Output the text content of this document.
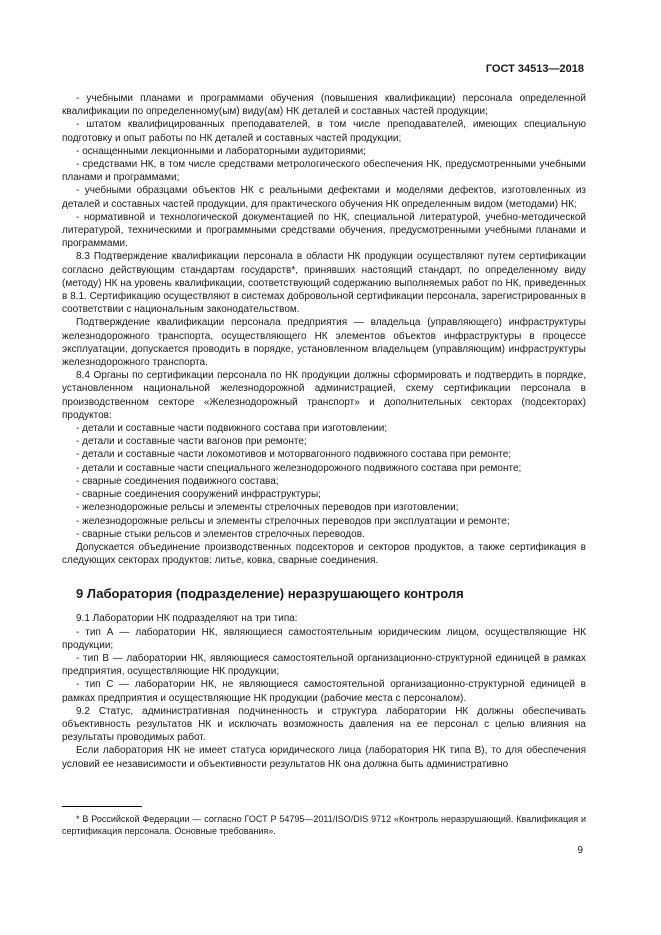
ГОСТ 34513—2018
- учебными планами и программами обучения (повышения квалификации) персонала определенной квалификации по определенному(ым) виду(ам) НК деталей и составных частей продукции;
- штатом квалифицированных преподавателей, в том числе преподавателей, имеющих специальную подготовку и опыт работы по НК деталей и составных частей продукции;
- оснащенными лекционными и лабораторными аудиториями;
- средствами НК, в том числе средствами метрологического обеспечения НК, предусмотренными учебными планами и программами;
- учебными образцами объектов НК с реальными дефектами и моделями дефектов, изготовленных из деталей и составных частей продукции, для практического обучения НК определенным видом (методами) НК;
- нормативной и технологической документацией по НК, специальной литературой, учебно-методической литературой, техническими и программными средствами обучения, предусмотренными учебными планами и программами.

8.3 Подтверждение квалификации персонала в области НК продукции осуществляют путем сертификации согласно действующим стандартам государств*, принявших настоящий стандарт, по определенному виду (методу) НК на уровень квалификации, соответствующий содержанию выполняемых работ по НК, приведенных в 8.1. Сертификацию осуществляют в системах добровольной сертификации персонала, зарегистрированных в соответствии с национальным законодательством.

Подтверждение квалификации персонала предприятия — владельца (управляющего) инфраструктуры железнодорожного транспорта, осуществляющего НК элементов объектов инфраструктуры в процессе эксплуатации, допускается проводить в порядке, установленном владельцем (управляющим) инфраструктуры железнодорожного транспорта.

8.4 Органы по сертификации персонала по НК продукции должны сформировать и подтвердить в порядке, установленном национальной железнодорожной администрацией, схему сертификации персонала в производственном секторе «Железнодорожный транспорт» и дополнительных секторах (подсекторах) продуктов:

- детали и составные части подвижного состава при изготовлении;
- детали и составные части вагонов при ремонте;
- детали и составные части локомотивов и моторвагонного подвижного состава при ремонте;
- детали и составные части специального железнодорожного подвижного состава при ремонте;
- сварные соединения подвижного состава;
- сварные соединения сооружений инфраструктуры;
- железнодорожные рельсы и элементы стрелочных переводов при изготовлении;
- железнодорожные рельсы и элементы стрелочных переводов при эксплуатации и ремонте;
- сварные стыки рельсов и элементов стрелочных переводов.

Допускается объединение производственных подсекторов и секторов продуктов, а также сертификация в следующих секторах продуктов: литье, ковка, сварные соединения.

9 Лаборатория (подразделение) неразрушающего контроля

9.1 Лаборатории НК подразделяют на три типа:

- тип А — лаборатории НК, являющиеся самостоятельным юридическим лицом, осуществляющие НК продукции;
- тип В — лаборатории НК, являющиеся самостоятельной организационно-структурной единицей в рамках предприятия, осуществляющие НК продукции;
- тип С — лаборатории НК, не являющиеся самостоятельной организационно-структурной единицей в рамках предприятия и осуществляющие НК продукции (рабочие места с персоналом).

9.2 Статус, административная подчиненность и структура лаборатории НК должны обеспечивать объективность результатов НК и исключать возможность давления на ее персонал с целью влияния на результаты проводимых работ.

Если лаборатория НК не имеет статуса юридического лица (лаборатория НК типа В), то для обеспечения условий ее независимости и объективности результатов НК она должна быть административно

* В Российской Федерации — согласно ГОСТ Р 54795—2011/ISO/DIS 9712 «Контроль неразрушающий. Квалификация и сертификация персонала. Основные требования».

9
